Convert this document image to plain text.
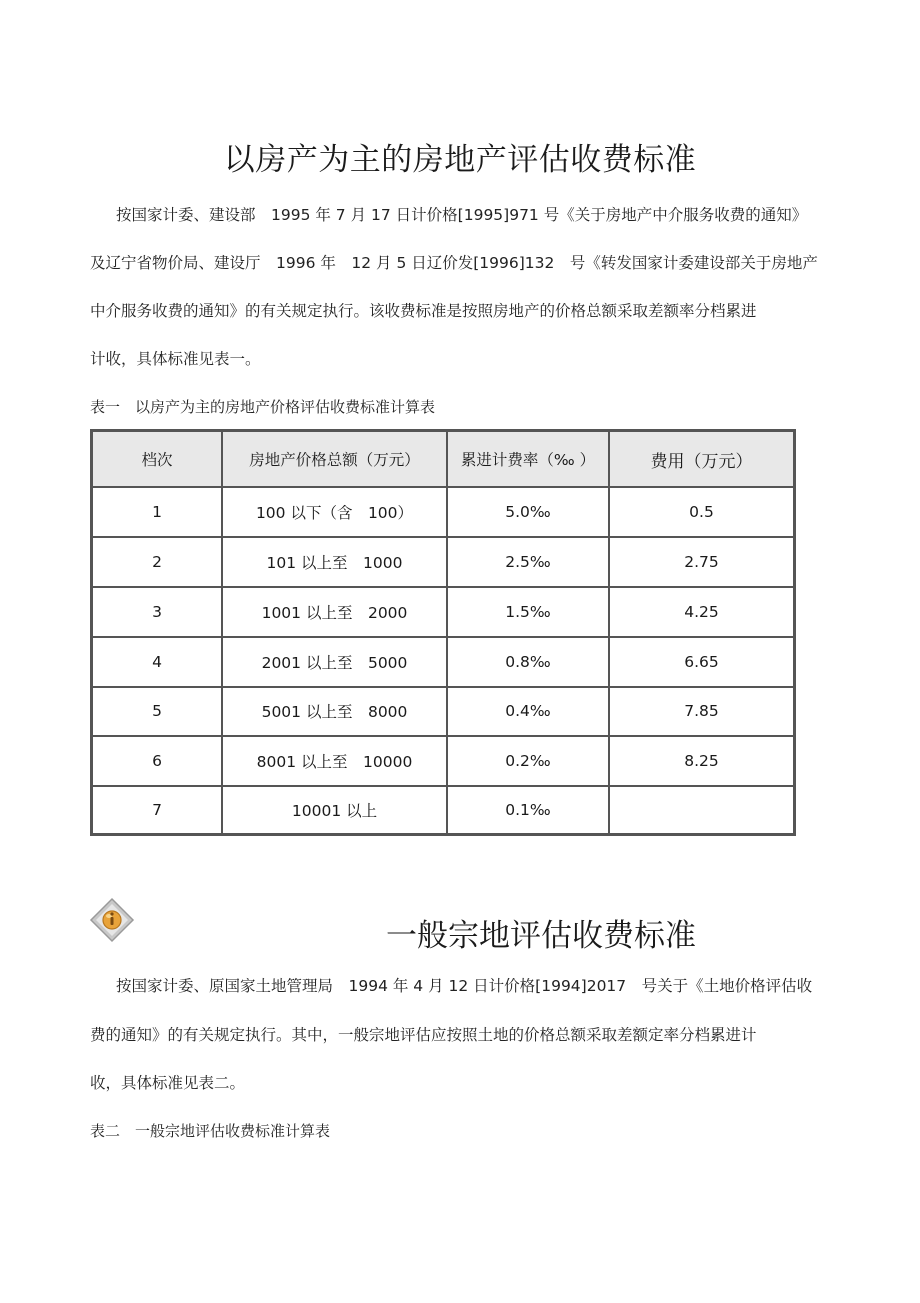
以房产为主的房地产评估收费标准
按国家计委、建设部　1995 年 7 月 17 日计价格[1995]971 号《关于房地产中介服务收费的通知》
及辽宁省物价局、建设厅　1996 年　12 月 5 日辽价发[1996]132　号《转发国家计委建设部关于房地产
中介服务收费的通知》的有关规定执行。该收费标准是按照房地产的价格总额采取差额率分档累进
计收，具体标准见表一。
表一　以房产为主的房地产价格评估收费标准计算表
档次	房地产价格总额（万元）	累进计费率（‰ ）	费用（万元）
1	100 以下（含　100）	5.0‰	0.5
2	101 以上至　1000	2.5‰	2.75
3	1001 以上至　2000	1.5‰	4.25
4	2001 以上至　5000	0.8‰	6.65
5	5001 以上至　8000	0.4‰	7.85
6	8001 以上至　10000	0.2‰	8.25
7	10001 以上	0.1‰	
一般宗地评估收费标准
按国家计委、原国家土地管理局　1994 年 4 月 12 日计价格[1994]2017　号关于《土地价格评估收
费的通知》的有关规定执行。其中，一般宗地评估应按照土地的价格总额采取差额定率分档累进计
收，具体标准见表二。
表二　一般宗地评估收费标准计算表
